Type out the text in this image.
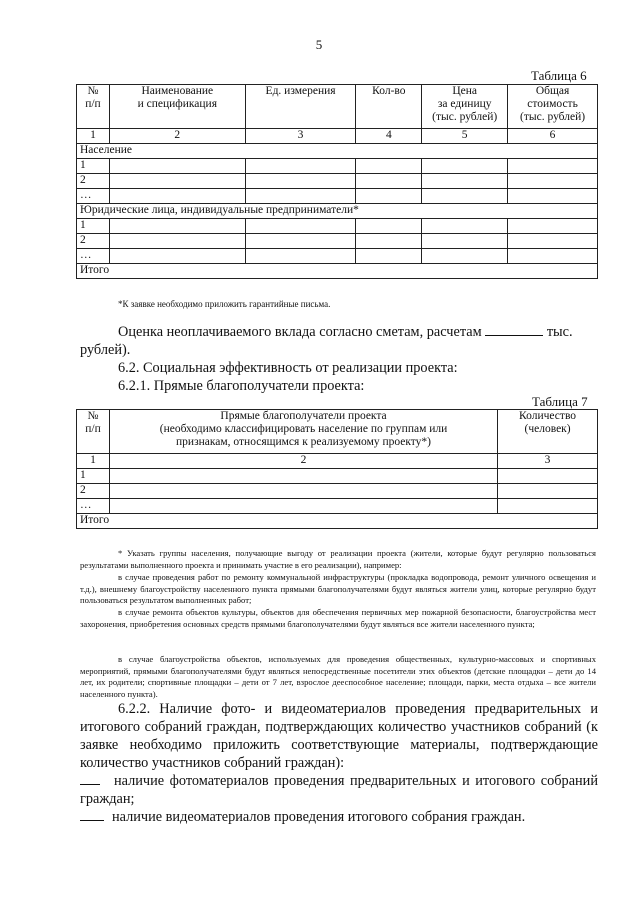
5
Таблица 6
№
п/п	Наименование
и спецификация	Ед. измерения	Кол-во	Цена
за единицу
(тыс. рублей)	Общая
стоимость
(тыс. рублей)
1	2	3	4	5	6
Население					
1					
2					
…					
Юридические лица, индивидуальные предприниматели*					
1					
2					
…					
Итого					
*К заявке необходимо приложить гарантийные письма.
Оценка неоплачиваемого вклада согласно сметам, расчетам	тыс.
рублей).
6.2. Социальная эффективность от реализации проекта:
6.2.1. Прямые благополучатели проекта:
Таблица 7
№
п/п	Прямые благополучатели проекта
(необходимо классифицировать население по группам или
признакам, относящимся к реализуемому проекту*)	Количество
(человек)
1	2	3
1		
2		
…		
Итого		
* Указать группы населения, получающие выгоду от реализации проекта (жители, которые будут регулярно пользоваться результатами выполненного проекта и принимать участие в его реализации), например:
в случае проведения работ по ремонту коммунальной инфраструктуры (прокладка водопровода, ремонт уличного освещения и т.д.), внешнему благоустройству населенного пункта прямыми благополучателями будут являться жители улиц, которые регулярно будут пользоваться результатом выполненных работ;
в случае ремонта объектов культуры, объектов для обеспечения первичных мер пожарной безопасности, благоустройства мест захоронения, приобретения основных средств прямыми благополучателями будут являться все жители населенного пункта;
в случае благоустройства объектов, используемых для проведения общественных, культурно-массовых и спортивных мероприятий, прямыми благополучателями будут являться непосредственные посетители этих объектов (детские площадки – дети до 14 лет, их родители; спортивные площадки – дети от 7 лет, взрослое дееспособное население; площади, парки, места отдыха – все жители населенного пункта).
6.2.2. Наличие фото- и видеоматериалов проведения предварительных и итогового собраний граждан, подтверждающих количество участников собраний (к заявке необходимо приложить соответствующие материалы, подтверждающие количество участников собраний граждан):
наличие фотоматериалов проведения предварительных и итогового собраний граждан;
наличие видеоматериалов проведения итогового собрания граждан.
